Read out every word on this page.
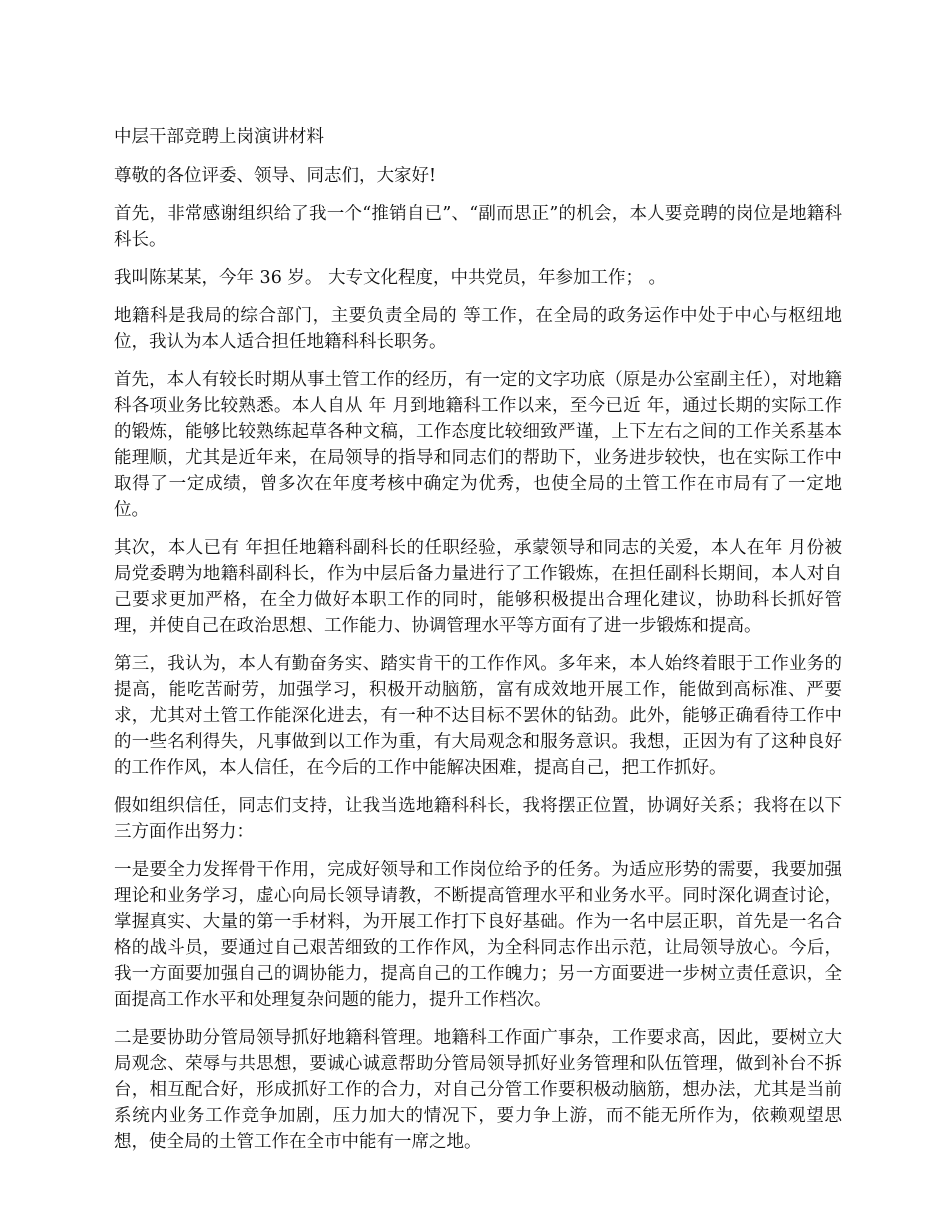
中层干部竞聘上岗演讲材料

尊敬的各位评委、领导、同志们，大家好!

首先，非常感谢组织给了我一个“推销自已”、“副而思正”的机会，本人要竞聘的岗位是地籍科科长。

我叫陈某某，今年 36 岁。 大专文化程度，中共党员，年参加工作； 。

地籍科是我局的综合部门，主要负责全局的 等工作，在全局的政务运作中处于中心与枢纽地位，我认为本人适合担任地籍科科长职务。

首先，本人有较长时期从事土管工作的经历，有一定的文字功底（原是办公室副主任），对地籍科各项业务比较熟悉。本人自从 年 月到地籍科工作以来，至今已近 年，通过长期的实际工作的锻炼，能够比较熟练起草各种文稿，工作态度比较细致严谨，上下左右之间的工作关系基本能理顺，尤其是近年来，在局领导的指导和同志们的帮助下，业务进步较快，也在实际工作中取得了一定成绩，曾多次在年度考核中确定为优秀，也使全局的土管工作在市局有了一定地位。

其次，本人已有 年担任地籍科副科长的任职经验，承蒙领导和同志的关爱，本人在年 月份被局党委聘为地籍科副科长，作为中层后备力量进行了工作锻炼，在担任副科长期间，本人对自己要求更加严格，在全力做好本职工作的同时，能够积极提出合理化建议，协助科长抓好管理，并使自己在政治思想、工作能力、协调管理水平等方面有了进一步锻炼和提高。

第三，我认为，本人有勤奋务实、踏实肯干的工作作风。多年来，本人始终着眼于工作业务的提高，能吃苦耐劳，加强学习，积极开动脑筋，富有成效地开展工作，能做到高标准、严要求，尤其对土管工作能深化进去，有一种不达目标不罢休的钻劲。此外，能够正确看待工作中的一些名利得失，凡事做到以工作为重，有大局观念和服务意识。我想，正因为有了这种良好的工作作风，本人信任，在今后的工作中能解决困难，提高自己，把工作抓好。

假如组织信任，同志们支持，让我当选地籍科科长，我将摆正位置，协调好关系；我将在以下三方面作出努力：

一是要全力发挥骨干作用，完成好领导和工作岗位给予的任务。为适应形势的需要，我要加强理论和业务学习，虚心向局长领导请教，不断提高管理水平和业务水平。同时深化调查讨论，掌握真实、大量的第一手材料，为开展工作打下良好基础。作为一名中层正职，首先是一名合格的战斗员，要通过自己艰苦细致的工作作风，为全科同志作出示范，让局领导放心。今后，我一方面要加强自己的调协能力，提高自己的工作魄力；另一方面要进一步树立责任意识，全面提高工作水平和处理复杂问题的能力，提升工作档次。

二是要协助分管局领导抓好地籍科管理。地籍科工作面广事杂，工作要求高，因此，要树立大局观念、荣辱与共思想，要诚心诚意帮助分管局领导抓好业务管理和队伍管理，做到补台不拆台，相互配合好，形成抓好工作的合力，对自己分管工作要积极动脑筋，想办法，尤其是当前系统内业务工作竞争加剧，压力加大的情况下，要力争上游，而不能无所作为，依赖观望思想，使全局的土管工作在全市中能有一席之地。
